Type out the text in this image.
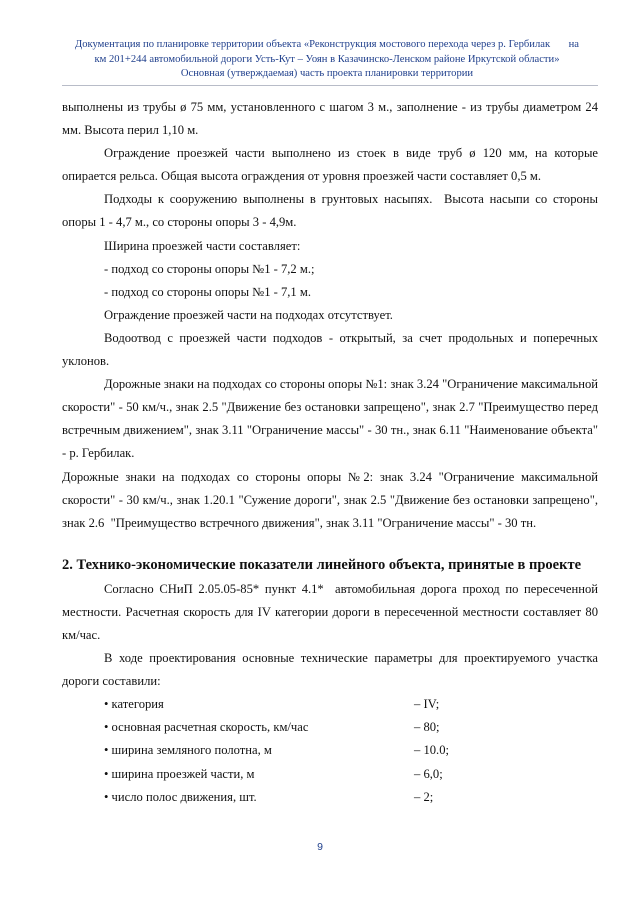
Документация по планировке территории объекта «Реконструкция мостового перехода через р. Гербилак       на
км 201+244 автомобильной дороги Усть-Кут – Уоян в Казачинско-Ленском районе Иркутской области»
Основная (утверждаемая) часть проекта планировки территории

выполнены из трубы ø 75 мм, установленного с шагом 3 м., заполнение - из трубы диаметром 24 мм. Высота перил 1,10 м.

Ограждение проезжей части выполнено из стоек в виде труб ø 120 мм, на которые опирается рельса. Общая высота ограждения от уровня проезжей части составляет 0,5 м.

Подходы к сооружению выполнены в грунтовых насыпях.  Высота насыпи со стороны опоры 1 - 4,7 м., со стороны опоры 3 - 4,9м.

Ширина проезжей части составляет:

- подход со стороны опоры №1 - 7,2 м.;

- подход со стороны опоры №1 - 7,1 м.

Ограждение проезжей части на подходах отсутствует.

Водоотвод с проезжей части подходов - открытый, за счет продольных и поперечных уклонов.

Дорожные знаки на подходах со стороны опоры №1: знак 3.24 "Ограничение максимальной скорости" - 50 км/ч., знак 2.5 "Движение без остановки запрещено", знак 2.7 "Преимущество перед встречным движением", знак 3.11 "Ограничение массы" - 30 тн., знак 6.11 "Наименование объекта" - р. Гербилак.

Дорожные знаки на подходах со стороны опоры №2: знак 3.24 "Ограничение максимальной скорости" - 30 км/ч., знак 1.20.1 "Сужение дороги", знак 2.5 "Движение без остановки запрещено", знак 2.6  "Преимущество встречного движения", знак 3.11 "Ограничение массы" - 30 тн.

2. Технико-экономические показатели линейного объекта, принятые в проекте

Согласно СНиП 2.05.05-85* пункт 4.1*  автомобильная дорога проход по пересеченной местности. Расчетная скорость для IV категории дороги в пересеченной местности составляет 80 км/час.

В ходе проектирования основные технические параметры для проектируемого участка дороги составили:

• категория	– IV;
• основная расчетная скорость, км/час	– 80;
• ширина земляного полотна, м	– 10.0;
• ширина проезжей части, м	– 6,0;
• число полос движения, шт.	– 2;
9
